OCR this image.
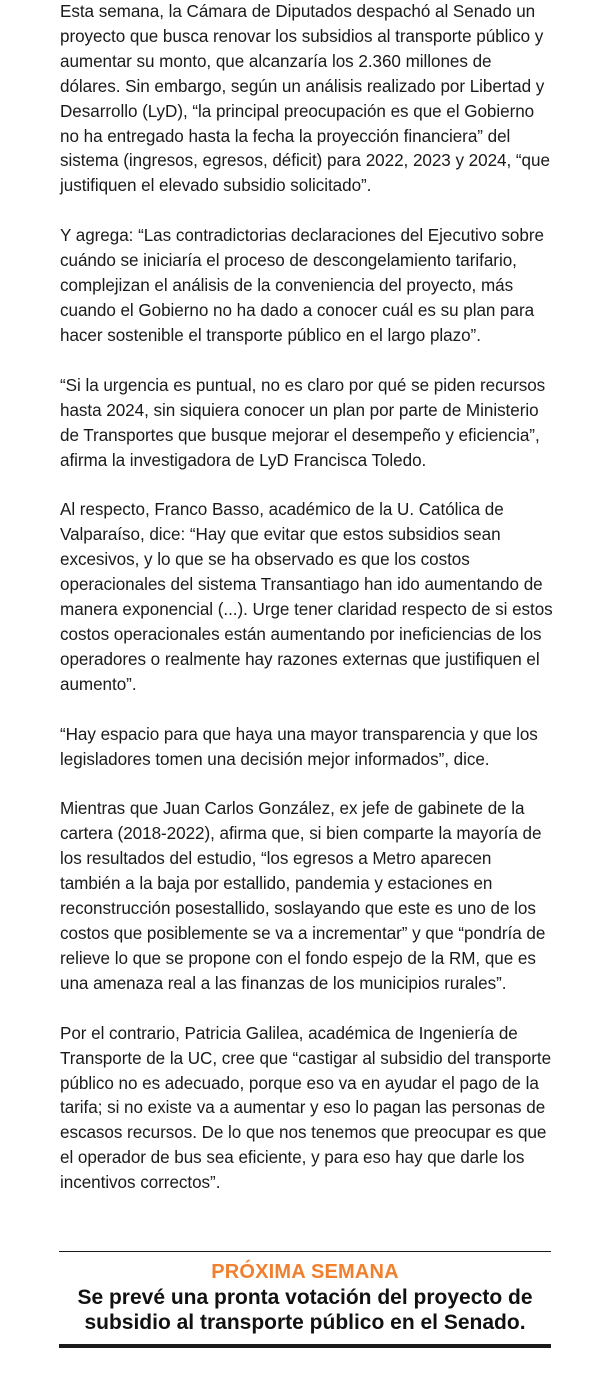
Esta semana, la Cámara de Diputados despachó al Senado un proyecto que busca renovar los subsidios al transporte público y aumentar su monto, que alcanzaría los 2.360 millones de dólares. Sin embargo, según un análisis realizado por Libertad y Desarrollo (LyD), “la principal preocupación es que el Gobierno no ha entregado hasta la fecha la proyección financiera” del sistema (ingresos, egresos, déficit) para 2022, 2023 y 2024, “que justifiquen el elevado subsidio solicitado”.

Y agrega: “Las contradictorias declaraciones del Ejecutivo sobre cuándo se iniciaría el proceso de descongelamiento tarifario, complejizan el análisis de la conveniencia del proyecto, más cuando el Gobierno no ha dado a conocer cuál es su plan para hacer sostenible el transporte público en el largo plazo”.

“Si la urgencia es puntual, no es claro por qué se piden recursos hasta 2024, sin siquiera conocer un plan por parte de Ministerio de Transportes que busque mejorar el desempeño y eficiencia”, afirma la investigadora de LyD Francisca Toledo.

Al respecto, Franco Basso, académico de la U. Católica de Valparaíso, dice: “Hay que evitar que estos subsidios sean excesivos, y lo que se ha observado es que los costos operacionales del sistema Transantiago han ido aumentando de manera exponencial (...). Urge tener claridad respecto de si estos costos operacionales están aumentando por ineficiencias de los operadores o realmente hay razones externas que justifiquen el aumento”.

“Hay espacio para que haya una mayor transparencia y que los legisladores tomen una decisión mejor informados”, dice.

Mientras que Juan Carlos González, ex jefe de gabinete de la cartera (2018-2022), afirma que, si bien comparte la mayoría de los resultados del estudio, “los egresos a Metro aparecen también a la baja por estallido, pandemia y estaciones en reconstrucción posestallido, soslayando que este es uno de los costos que posiblemente se va a incrementar” y que “pondría de relieve lo que se propone con el fondo espejo de la RM, que es una amenaza real a las finanzas de los municipios rurales”.

Por el contrario, Patricia Galilea, académica de Ingeniería de Transporte de la UC, cree que “castigar al subsidio del transporte público no es adecuado, porque eso va en ayudar el pago de la tarifa; si no existe va a aumentar y eso lo pagan las personas de escasos recursos. De lo que nos tenemos que preocupar es que el operador de bus sea eficiente, y para eso hay que darle los incentivos correctos”.

PRÓXIMA SEMANA
Se prevé una pronta votación del proyecto de subsidio al transporte público en el Senado.
